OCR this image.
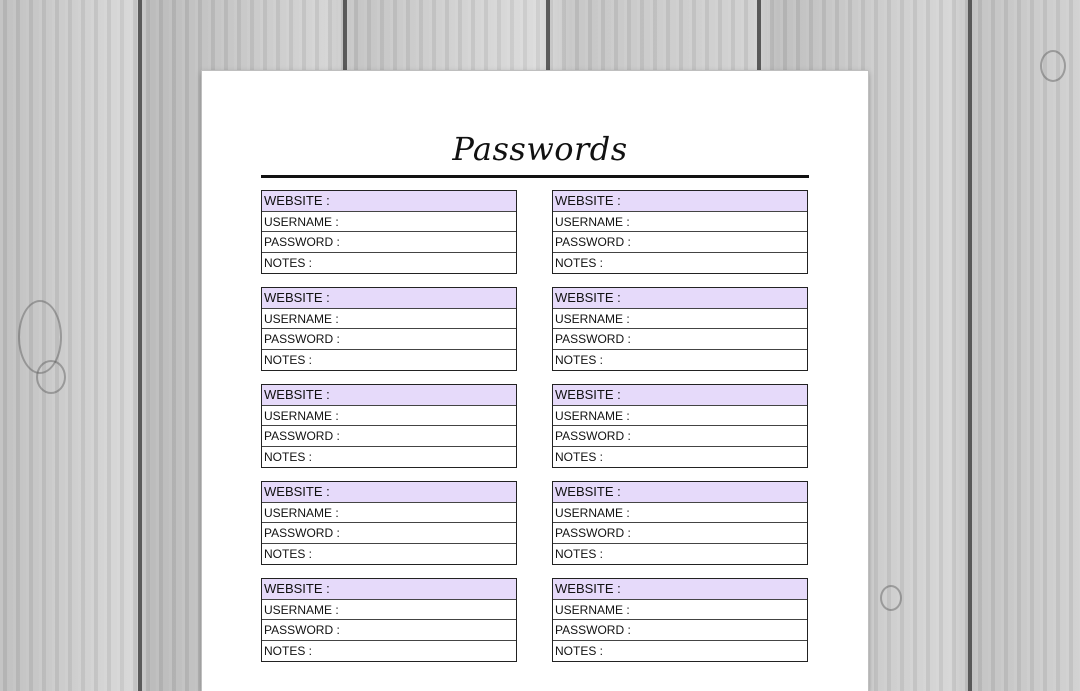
Passwords
WEBSITE :
USERNAME :
PASSWORD :
NOTES :
WEBSITE :
USERNAME :
PASSWORD :
NOTES :
WEBSITE :
USERNAME :
PASSWORD :
NOTES :
WEBSITE :
USERNAME :
PASSWORD :
NOTES :
WEBSITE :
USERNAME :
PASSWORD :
NOTES :
WEBSITE :
USERNAME :
PASSWORD :
NOTES :
WEBSITE :
USERNAME :
PASSWORD :
NOTES :
WEBSITE :
USERNAME :
PASSWORD :
NOTES :
WEBSITE :
USERNAME :
PASSWORD :
NOTES :
WEBSITE :
USERNAME :
PASSWORD :
NOTES :
